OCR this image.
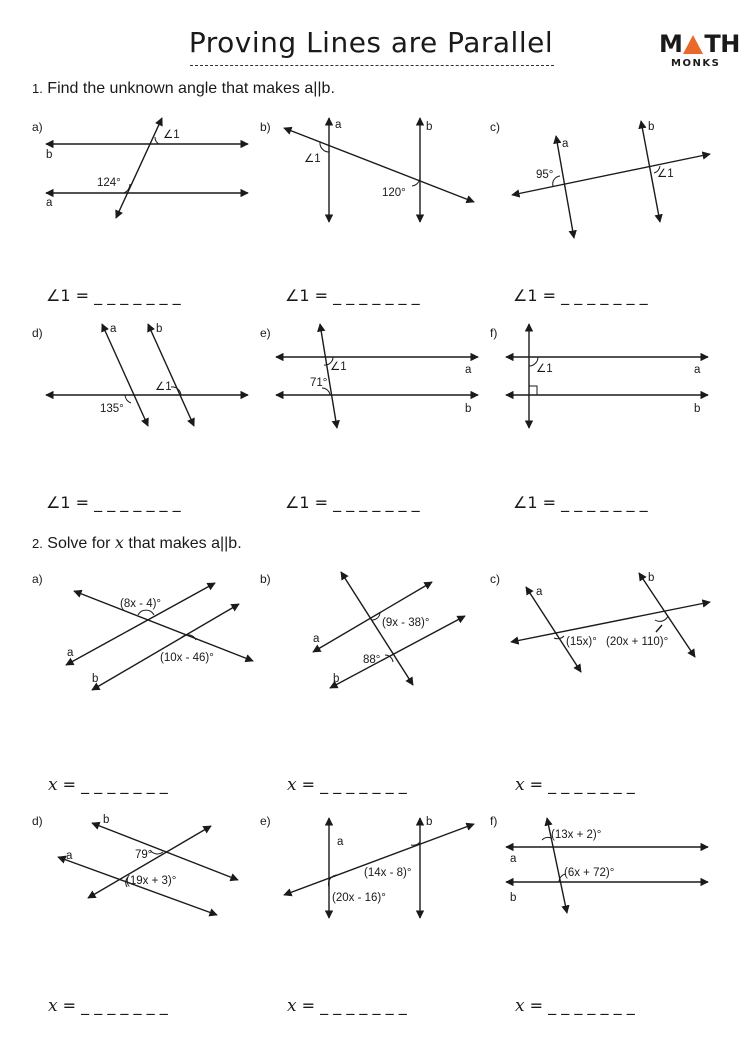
Proving Lines are Parallel	M TH
MONKS
1. Find the unknown angle that makes a||b.
a)	b)	c)
d)	e)	f)
∠1
b
124°
a
a	b
∠1
120°
a
b
95°	∠1
a	b
∠1
135°
∠1
71°
a
b
∠1	a
b
∠1 = _ _ _ _ _ _ _	∠1 = _ _ _ _ _ _ _	∠1 = _ _ _ _ _ _ _
∠1 = _ _ _ _ _ _ _	∠1 = _ _ _ _ _ _ _	∠1 = _ _ _ _ _ _ _
2. Solve for x that makes a||b.
a)	b)	c)
d)	e)	f)
(8x - 4)°
(10x - 46)°
a
b
(9x - 38)°
88°
a
b
a
b
(15x)° (20x + 110)°
b
a	79°
(19x + 3)°
a
b
(14x - 8)°
(20x - 16)°
(13x + 2)°
a
(6x + 72)°
b
x = _ _ _ _ _ _ _	x = _ _ _ _ _ _ _	x = _ _ _ _ _ _ _
x = _ _ _ _ _ _ _	x = _ _ _ _ _ _ _	x = _ _ _ _ _ _ _
